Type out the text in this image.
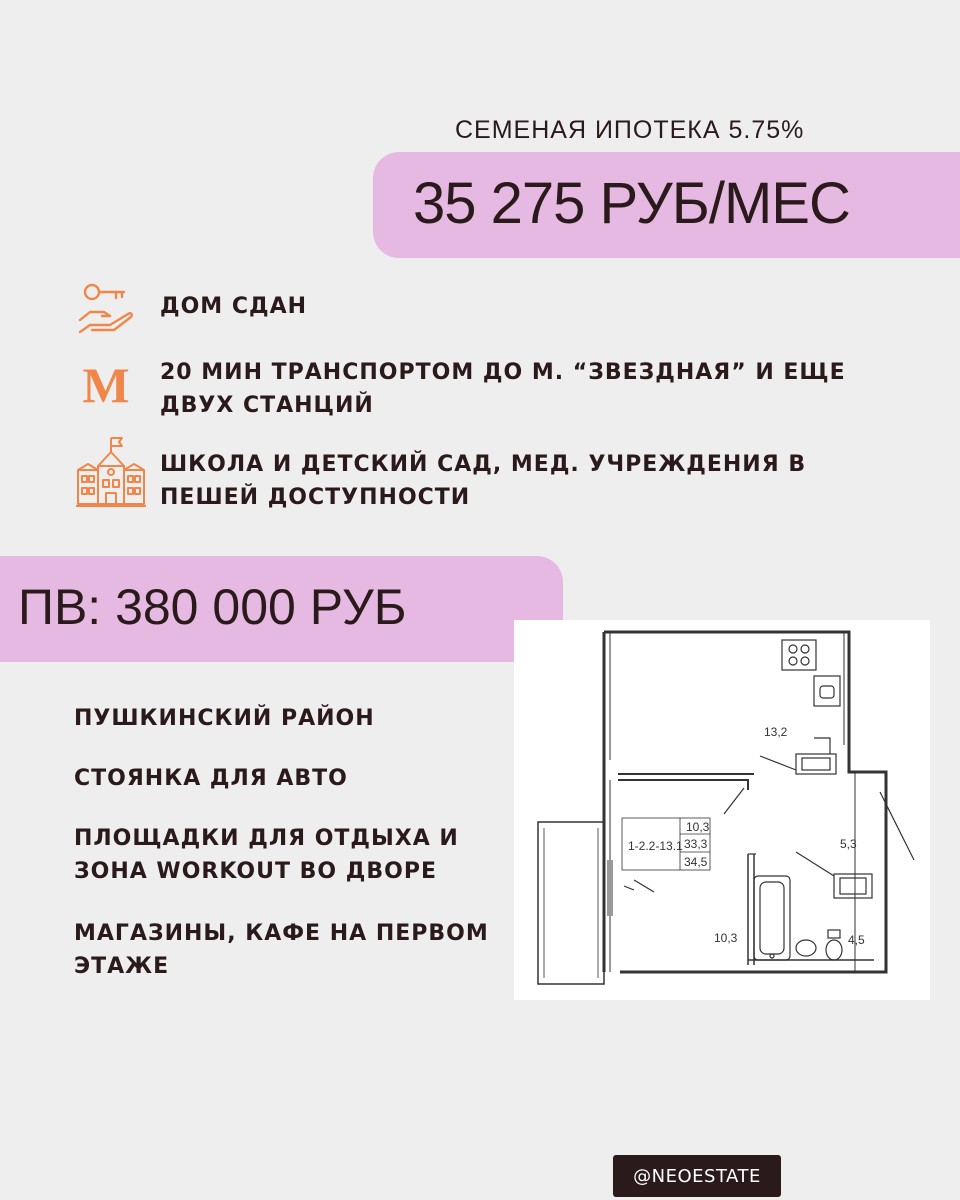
СЕМЕНАЯ ИПОТЕКА 5.75%
35 275 РУБ/МЕС
ДОМ СДАН
М 20 МИН ТРАНСПОРТОМ ДО М. “ЗВЕЗДНАЯ” И ЕЩЕ ДВУХ СТАНЦИЙ
ШКОЛА И ДЕТСКИЙ САД, МЕД. УЧРЕЖДЕНИЯ В ПЕШЕЙ ДОСТУПНОСТИ
ПВ: 380 000 РУБ
ПУШКИНСКИЙ РАЙОН
СТОЯНКА ДЛЯ АВТО
ПЛОЩАДКИ ДЛЯ ОТДЫХА И ЗОНА WORKOUT ВО ДВОРЕ
МАГАЗИНЫ, КАФЕ НА ПЕРВОМ ЭТАЖЕ
1-2.2-13.1
10,3
33,3
34,5
13,2
5,3
10,3	4,5
@NEOESTATE
